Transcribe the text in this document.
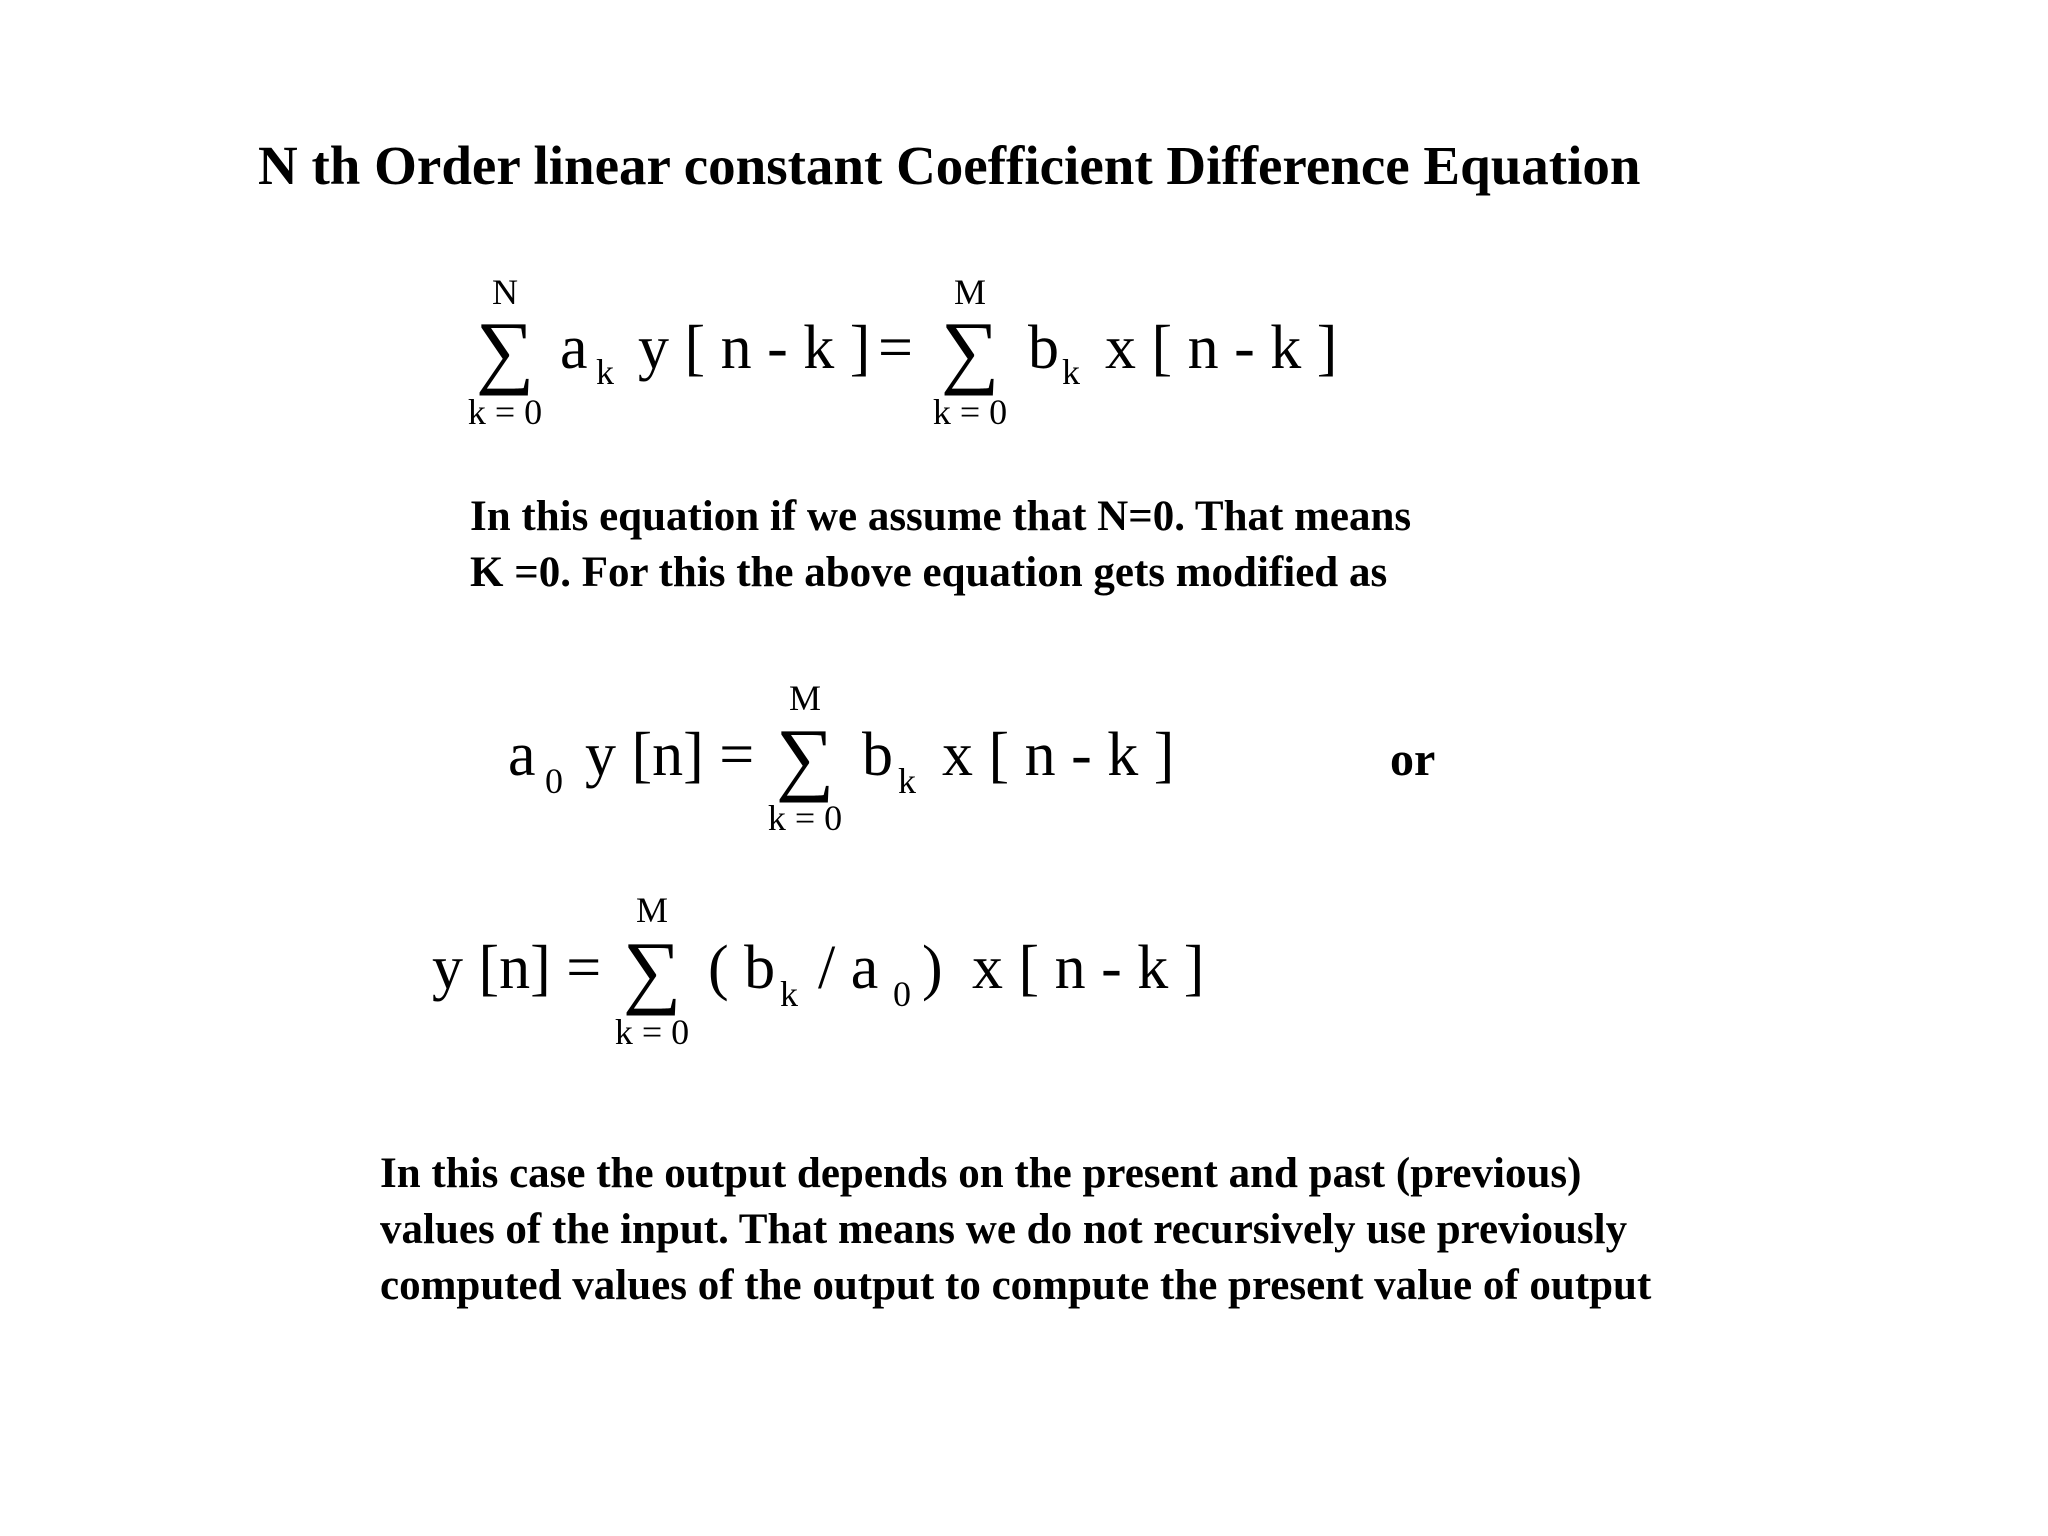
N th Order linear constant Coefficient Difference Equation
N
∑
k = 0
a k y [ n - k ] =
M
∑
k = 0
b k x [ n - k ]
In this equation if we assume that N=0. That means
K =0. For this the above equation gets modified as
a 0 y [n] =
M
∑
k = 0
b k x [ n - k ]	or
y [n] =
M
∑
k = 0
( b k / a 0 ) x [ n - k ]
In this case the output depends on the present and past (previous)
values of the input. That means we do not recursively use previously
computed values of the output to compute the present value of output
